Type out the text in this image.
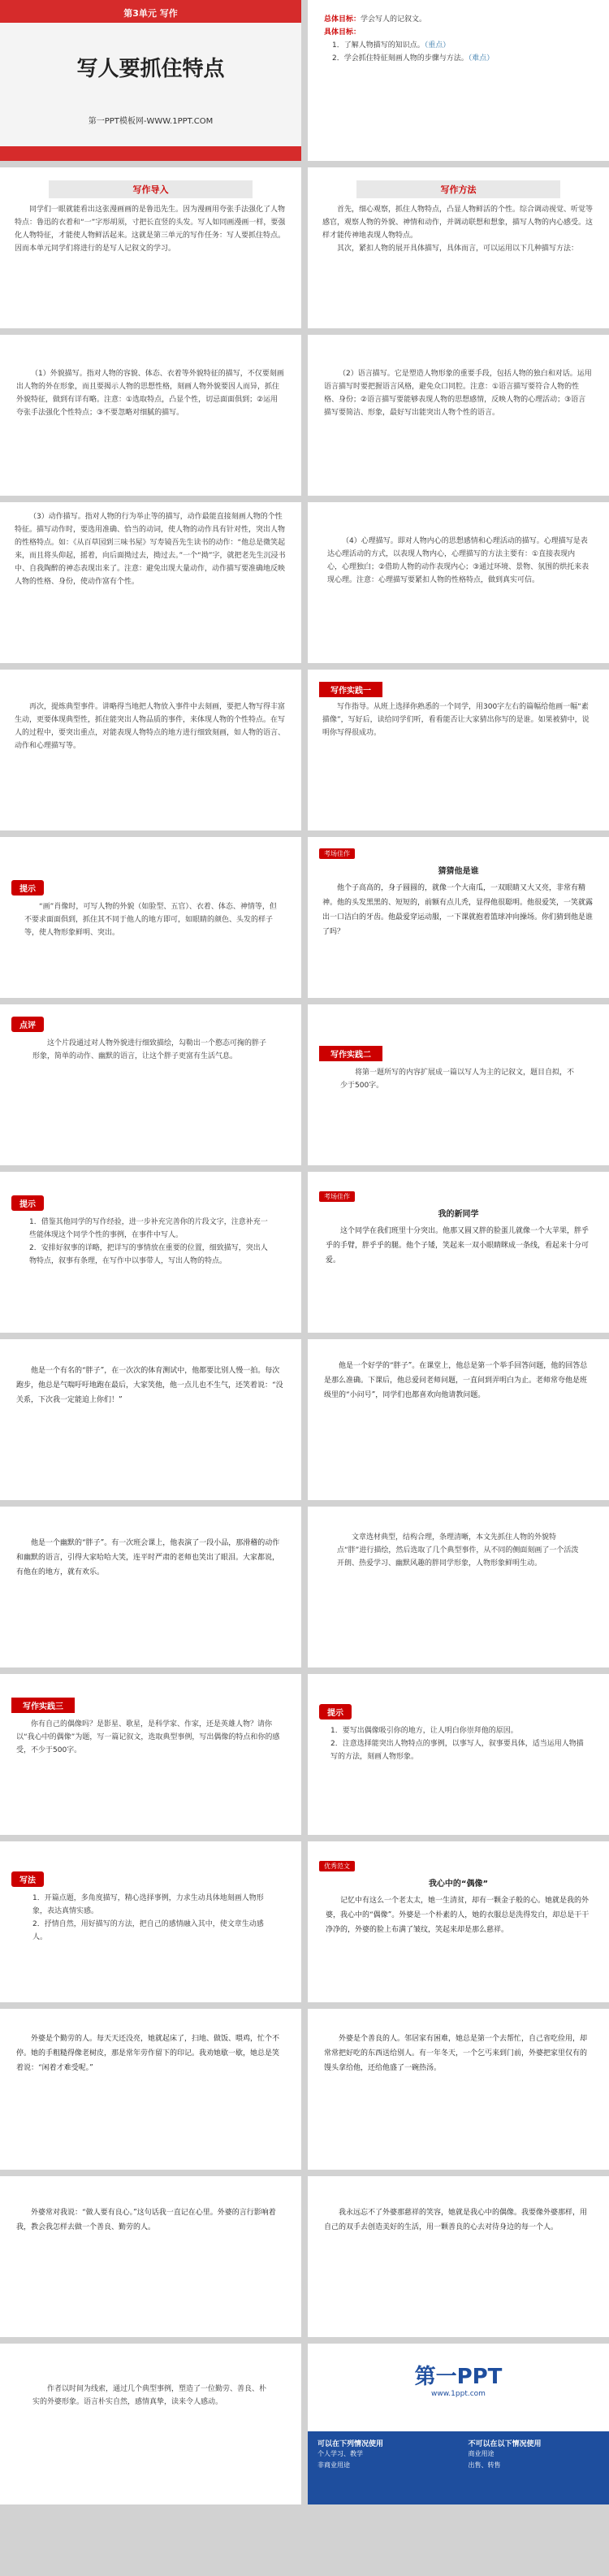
第3单元 写作
写人要抓住特点
第一PPT模板网-WWW.1PPT.COM
总体目标：学会写人的记叙文。
具体目标：
1．了解人物描写的知识点。（重点）
2．学会抓住特征刻画人物的步骤与方法。（难点）
写作导入
同学们一眼就能看出这张漫画画的是鲁迅先生。因为漫画用夸张手法强化了人物特点：鲁迅的衣着和“一”字形胡须，寸把长直竖的头发。写人如同画漫画一样，要强化人物特征，才能使人物鲜活起来。这就是第三单元的写作任务：写人要抓住特点。因而本单元同学们将进行的是写人记叙文的学习。
写作方法
首先，细心观察，抓住人物特点，凸显人物鲜活的个性。综合调动视觉、听觉等感官，观察人物的外貌、神情和动作，并调动联想和想象，描写人物的内心感受。这样才能传神地表现人物特点。
其次，紧扣人物的展开具体描写，具体而言，可以运用以下几种描写方法：
（1）外貌描写。指对人物的容貌、体态、衣着等外貌特征的描写，不仅要刻画出人物的外在形象，而且要揭示人物的思想性格，刻画人物外貌要因人而异，抓住外貌特征，做到有详有略。注意：①选取特点，凸显个性，切忌面面俱到；②运用夸张手法强化个性特点；③不要忽略对细腻的描写。
（2）语言描写。它是塑造人物形象的重要手段，包括人物的独白和对话。运用语言描写时要把握语言风格，避免众口同腔。注意：①语言描写要符合人物的性格、身份；②语言描写要能够表现人物的思想感情，反映人物的心理活动；③语言描写要简洁、形象，最好写出能突出人物个性的语言。
（3）动作描写。指对人物的行为举止等的描写，动作最能直接刻画人物的个性特征。描写动作时，要选用准确、恰当的动词，使人物的动作具有针对性，突出人物的性格特点。如：《从百草园到三味书屋》写寿镜吾先生读书的动作：“他总是微笑起来，而且将头仰起，摇着，向后面拗过去，拗过去。”一个“拗”字，就把老先生沉浸书中、自我陶醉的神态表现出来了。注意：避免出现大量动作，动作描写要准确地反映人物的性格、身份，使动作富有个性。
（4）心理描写。即对人物内心的思想感情和心理活动的描写。心理描写是表达心理活动的方式，以表现人物内心，心理描写的方法主要有：①直接表现内心，心理独白；②借助人物的动作表现内心；③通过环境、景物、氛围的烘托来表现心理。注意：心理描写要紧扣人物的性格特点，做到真实可信。
再次，提炼典型事件。讲略得当地把人物放入事件中去刻画，要把人物写得丰富生动，更要体现典型性，抓住能突出人物品质的事件，来体现人物的个性特点。在写人的过程中，要突出重点，对能表现人物特点的地方进行细致刻画，如人物的语言、动作和心理描写等。
写作实践一
写作指导。从班上选择你熟悉的一个同学，用300字左右的篇幅给他画一幅“素描像”，写好后，读给同学们听，看看能否让大家猜出你写的是谁。如果被猜中，说明你写得很成功。
提示
“画”肖像时，可写人物的外貌（如脸型、五官）、衣着、体态、神情等，但不要求面面俱到，抓住其不同于他人的地方即可，如眼睛的颜色、头发的样子等，使人物形象鲜明、突出。
考场佳作
猜猜他是谁
他个子高高的，身子圆圆的，就像一个大南瓜，一双眼睛又大又亮，非常有精神。他的头发黑黑的、短短的，前额有点儿秃，显得他很聪明。他很爱笑，一笑就露出一口洁白的牙齿。他最爱穿运动服，一下课就抱着篮球冲向操场。你们猜到他是谁了吗？
点评
这个片段通过对人物外貌进行细致描绘，勾勒出一个憨态可掬的胖子形象，简单的动作、幽默的语言，让这个胖子更富有生活气息。	写作实践二
将第一题所写的内容扩展成一篇以写人为主的记叙文，题目自拟，不少于500字。
提示
1．借鉴其他同学的写作经验，进一步补充完善你的片段文字，注意补充一些能体现这个同学个性的事例，在事件中写人。
2．安排好叙事的详略，把详写的事情放在重要的位置，细致描写，突出人物特点，叙事有条理，在写作中以事带人，写出人物的特点。
考场佳作
我的新同学
这个同学在我们班里十分突出。他那又圆又胖的脸蛋儿就像一个大苹果，胖乎乎的手臂，胖乎乎的腿。他个子矮，笑起来一双小眼睛眯成一条线，看起来十分可爱。
他是一个有名的“胖子”，在一次次的体育测试中，他都要比别人慢一拍。每次跑步，他总是气喘吁吁地跑在最后，大家笑他，他一点儿也不生气，还笑着说：“没关系，下次我一定能追上你们！”
他是一个好学的“胖子”。在课堂上，他总是第一个举手回答问题，他的回答总是那么准确。下课后，他总爱问老师问题，一直问到弄明白为止。老师常夸他是班级里的“小问号”，同学们也都喜欢向他请教问题。
他是一个幽默的“胖子”。有一次班会课上，他表演了一段小品，那滑稽的动作和幽默的语言，引得大家哈哈大笑，连平时严肃的老师也笑出了眼泪。大家都说，有他在的地方，就有欢乐。
文章选材典型，结构合理，条理清晰，本文先抓住人物的外貌特点“胖”进行描绘，然后选取了几个典型事件，从不同的侧面刻画了一个活泼开朗、热爱学习、幽默风趣的胖同学形象，人物形象鲜明生动。
写作实践三
你有自己的偶像吗？是影星、歌星，是科学家、作家，还是英雄人物？请你以“我心中的偶像”为题，写一篇记叙文，选取典型事例，写出偶像的特点和你的感受，不少于500字。
提示
1．要写出偶像吸引你的地方，让人明白你崇拜他的原因。
2．注意选择能突出人物特点的事例，以事写人，叙事要具体，适当运用人物描写的方法，刻画人物形象。
写法
1．开篇点题，多角度描写，精心选择事例，力求生动具体地刻画人物形象，表达真情实感。
2．抒情自然，用好描写的方法，把自己的感情融入其中，使文章生动感人。
优秀范文
我心中的“偶像”
记忆中有这么一个老太太，她一生清贫，却有一颗金子般的心。她就是我的外婆，我心中的“偶像”。外婆是一个朴素的人，她的衣服总是洗得发白，却总是干干净净的，外婆的脸上布满了皱纹，笑起来却是那么慈祥。
外婆是个勤劳的人。每天天还没亮，她就起床了，扫地、做饭、喂鸡，忙个不停。她的手粗糙得像老树皮，那是常年劳作留下的印记。我劝她歇一歇，她总是笑着说：“闲着才难受呢。”
外婆是个善良的人。邻居家有困难，她总是第一个去帮忙，自己省吃俭用，却常常把好吃的东西送给别人。有一年冬天，一个乞丐来到门前，外婆把家里仅有的馒头拿给他，还给他盛了一碗热汤。
外婆常对我说：“做人要有良心。”这句话我一直记在心里。外婆的言行影响着我，教会我怎样去做一个善良、勤劳的人。
我永远忘不了外婆那慈祥的笑容，她就是我心中的偶像。我要像外婆那样，用自己的双手去创造美好的生活，用一颗善良的心去对待身边的每一个人。
作者以时间为线索，通过几个典型事例，塑造了一位勤劳、善良、朴实的外婆形象。语言朴实自然，感情真挚，读来令人感动。
第一PPT
www.1ppt.com
可以在下列情况使用
个人学习、教学
非商业用途
不可以在以下情况使用
商业用途
出售、转售
